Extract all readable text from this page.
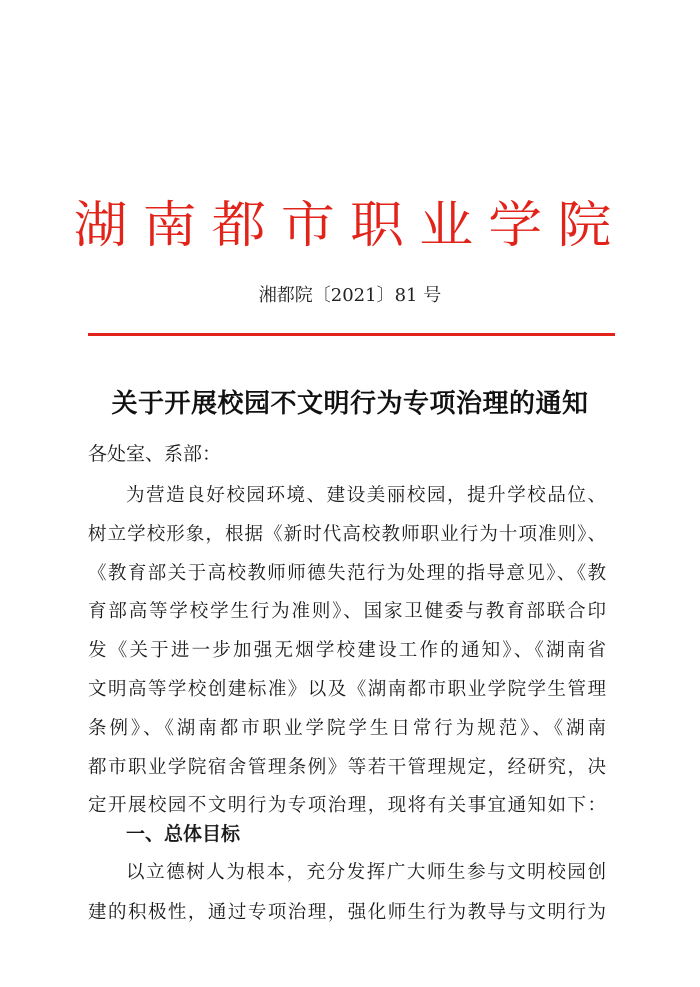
湖南都市职业学院
湘都院〔2021〕81 号
关于开展校园不文明行为专项治理的通知
各处室、系部：
为营造良好校园环境、建设美丽校园，提升学校品位、
树立学校形象，根据《新时代高校教师职业行为十项准则》、
《教育部关于高校教师师德失范行为处理的指导意见》、《教
育部高等学校学生行为准则》、国家卫健委与教育部联合印
发《关于进一步加强无烟学校建设工作的通知》、《湖南省
文明高等学校创建标准》以及《湖南都市职业学院学生管理
条例》、《湖南都市职业学院学生日常行为规范》、《湖南
都市职业学院宿舍管理条例》等若干管理规定，经研究，决
定开展校园不文明行为专项治理，现将有关事宜通知如下：
一、总体目标
以立德树人为根本，充分发挥广大师生参与文明校园创
建的积极性，通过专项治理，强化师生行为教导与文明行为
